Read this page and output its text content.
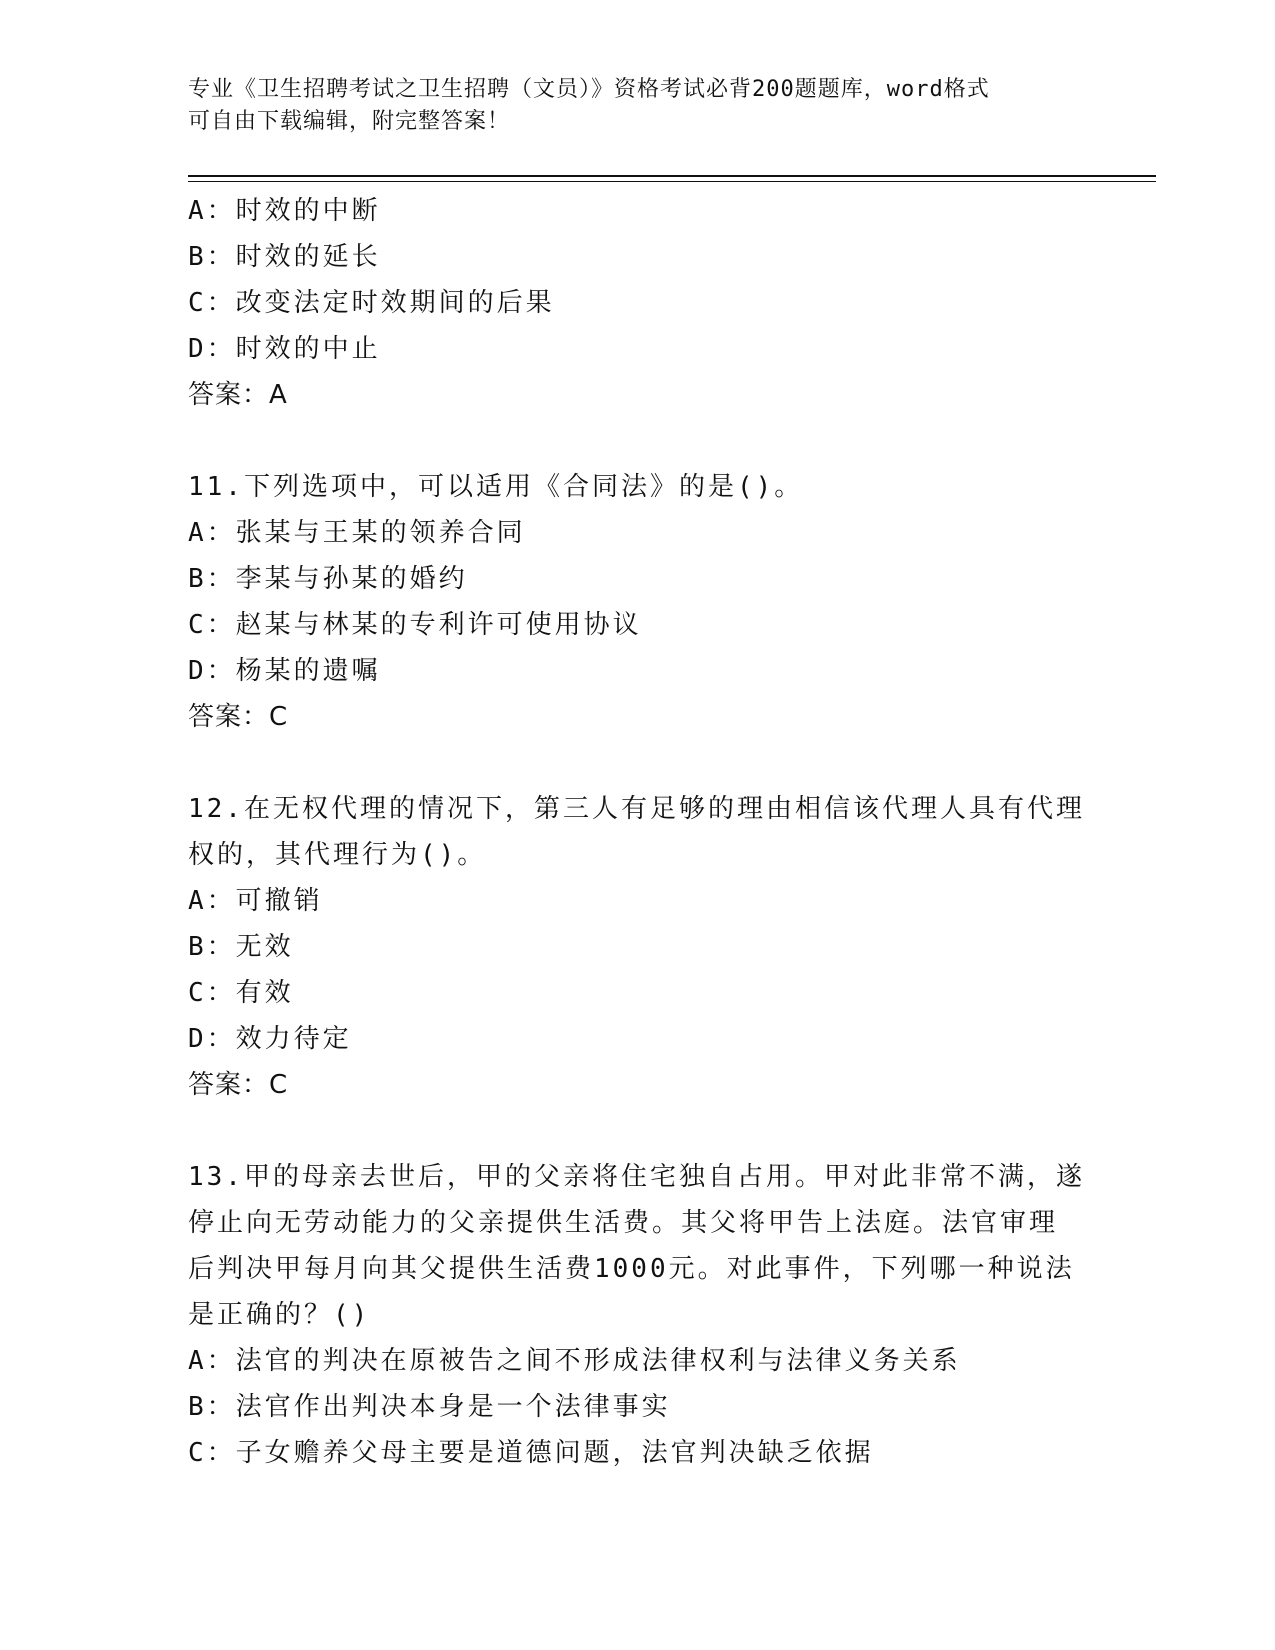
专业《卫生招聘考试之卫生招聘（文员）》资格考试必背200题题库，word格式
可自由下载编辑，附完整答案！
A：时效的中断
B：时效的延长
C：改变法定时效期间的后果
D：时效的中止
答案：A
11.下列选项中，可以适用《合同法》的是()。
A：张某与王某的领养合同
B：李某与孙某的婚约
C：赵某与林某的专利许可使用协议
D：杨某的遗嘱
答案：C
12.在无权代理的情况下，第三人有足够的理由相信该代理人具有代理
权的，其代理行为()。
A：可撤销
B：无效
C：有效
D：效力待定
答案：C
13.甲的母亲去世后，甲的父亲将住宅独自占用。甲对此非常不满，遂
停止向无劳动能力的父亲提供生活费。其父将甲告上法庭。法官审理
后判决甲每月向其父提供生活费1000元。对此事件，下列哪一种说法
是正确的？()
A：法官的判决在原被告之间不形成法律权利与法律义务关系
B：法官作出判决本身是一个法律事实
C：子女赡养父母主要是道德问题，法官判决缺乏依据
